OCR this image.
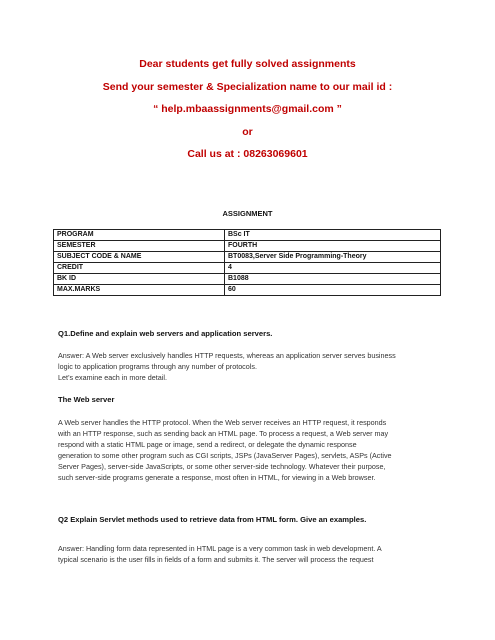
Dear students get fully solved assignments
Send your semester & Specialization name to our mail id :
“ help.mbaassignments@gmail.com ”
or
Call us at : 08263069601
ASSIGNMENT
PROGRAM	BSc IT
SEMESTER	FOURTH
SUBJECT CODE & NAME	BT0083,Server Side Programming-Theory
CREDIT	4
BK ID	B1088
MAX.MARKS	60
Q1.Define and explain web servers and application servers.
Answer: A Web server exclusively handles HTTP requests, whereas an application server serves business
logic to application programs through any number of protocols.
Let’s examine each in more detail.
The Web server
A Web server handles the HTTP protocol. When the Web server receives an HTTP request, it responds
with an HTTP response, such as sending back an HTML page. To process a request, a Web server may
respond with a static HTML page or image, send a redirect, or delegate the dynamic response
generation to some other program such as CGI scripts, JSPs (JavaServer Pages), servlets, ASPs (Active
Server Pages), server-side JavaScripts, or some other server-side technology. Whatever their purpose,
such server-side programs generate a response, most often in HTML, for viewing in a Web browser.
Q2 Explain Servlet methods used to retrieve data from HTML form. Give an examples.
Answer: Handling form data represented in HTML page is a very common task in web development. A
typical scenario is the user fills in fields of a form and submits it. The server will process the request
